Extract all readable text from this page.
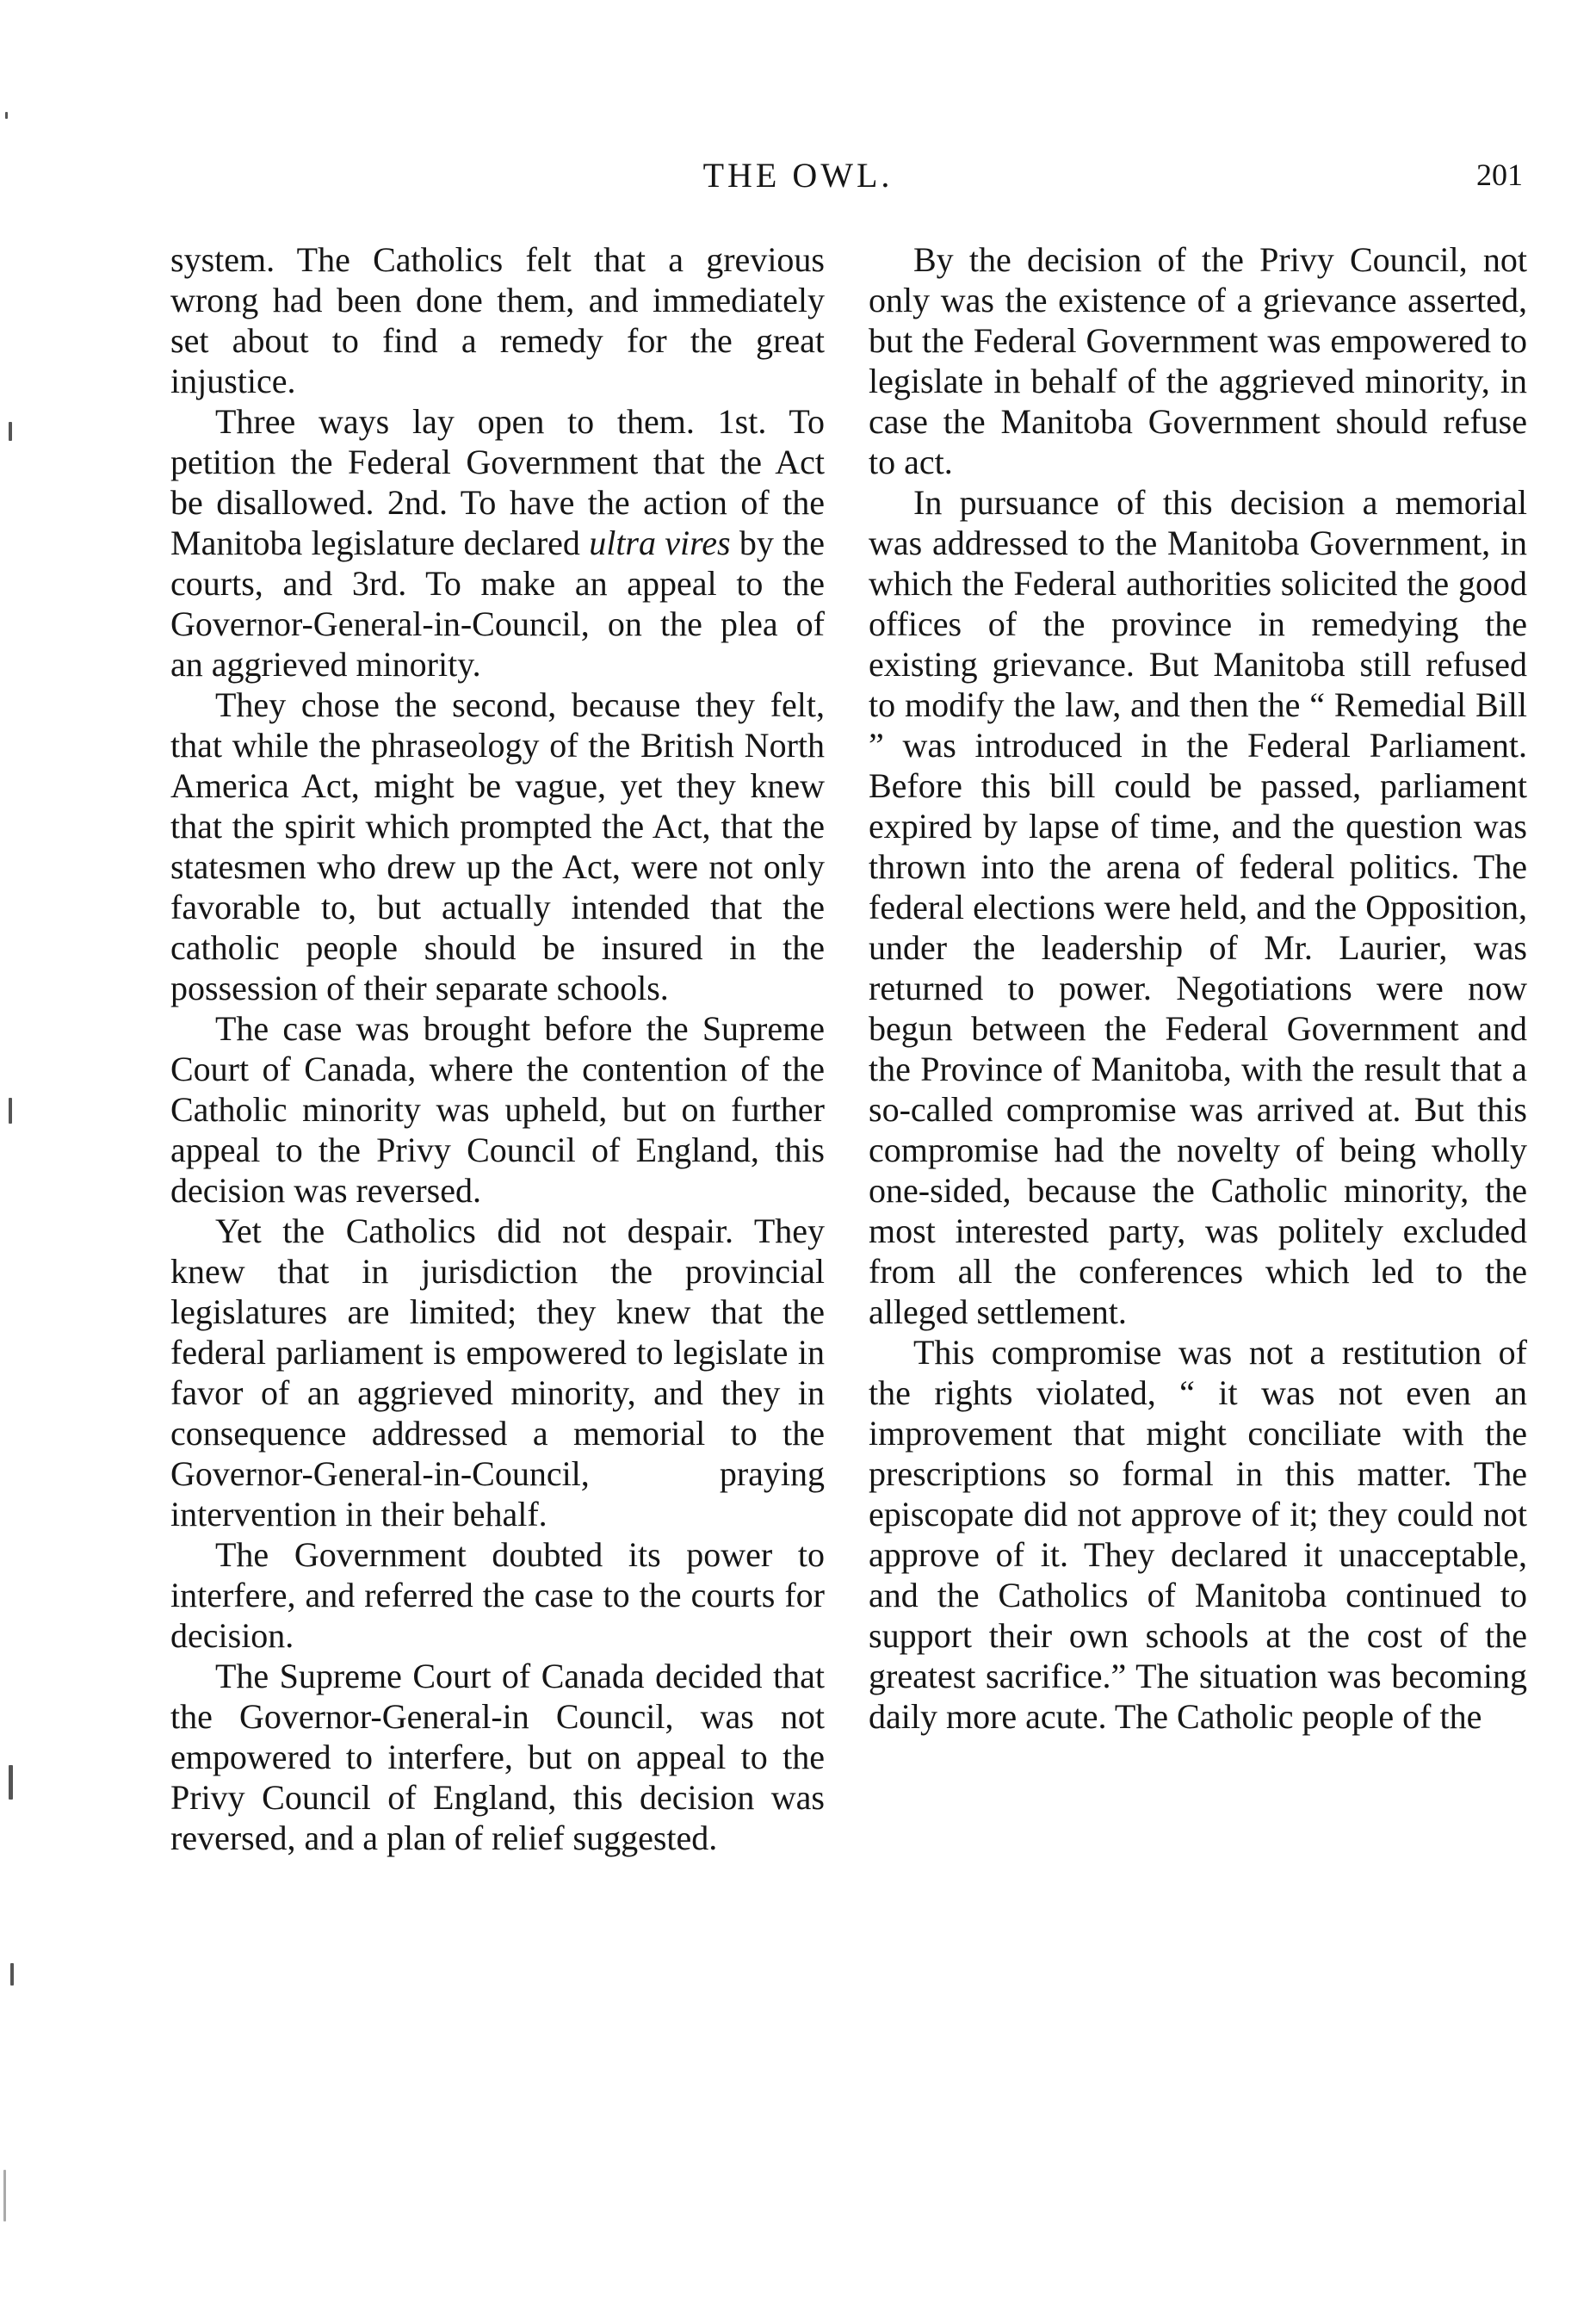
THE OWL.	201

system. The Catholics felt that a grevious wrong had been done them, and immediately set about to find a remedy for the great injustice.

Three ways lay open to them. 1st. To petition the Federal Government that the Act be disallowed. 2nd. To have the action of the Manitoba legislature declared ultra vires by the courts, and 3rd. To make an appeal to the Governor-General-in-Council, on the plea of an aggrieved minority.

They chose the second, because they felt, that while the phraseology of the British North America Act, might be vague, yet they knew that the spirit which prompted the Act, that the statesmen who drew up the Act, were not only favorable to, but actually intended that the catholic people should be insured in the possession of their separate schools.

The case was brought before the Supreme Court of Canada, where the contention of the Catholic minority was upheld, but on further appeal to the Privy Council of England, this decision was reversed.

Yet the Catholics did not despair. They knew that in jurisdiction the provincial legislatures are limited; they knew that the federal parliament is empowered to legislate in favor of an aggrieved minority, and they in consequence addressed a memorial to the Governor-General-in-Council, praying intervention in their behalf.

The Government doubted its power to interfere, and referred the case to the courts for decision.

The Supreme Court of Canada decided that the Governor-General-in Council, was not empowered to interfere, but on appeal to the Privy Council of England, this decision was reversed, and a plan of relief suggested.

By the decision of the Privy Council, not only was the existence of a grievance asserted, but the Federal Government was empowered to legislate in behalf of the aggrieved minority, in case the Manitoba Government should refuse to act.

In pursuance of this decision a memorial was addressed to the Manitoba Government, in which the Federal authorities solicited the good offices of the province in remedying the existing grievance. But Manitoba still refused to modify the law, and then the “ Remedial Bill ” was introduced in the Federal Parliament. Before this bill could be passed, parliament expired by lapse of time, and the question was thrown into the arena of federal politics. The federal elections were held, and the Opposition, under the leadership of Mr. Laurier, was returned to power. Negotiations were now begun between the Federal Government and the Province of Manitoba, with the result that a so-called compromise was arrived at. But this compromise had the novelty of being wholly one-sided, because the Catholic minority, the most interested party, was politely excluded from all the conferences which led to the alleged settlement.

This compromise was not a restitution of the rights violated, “ it was not even an improvement that might conciliate with the prescriptions so formal in this matter. The episcopate did not approve of it; they could not approve of it. They declared it unacceptable, and the Catholics of Manitoba continued to support their own schools at the cost of the greatest sacrifice.” The situation was becoming daily more acute. The Catholic people of the
